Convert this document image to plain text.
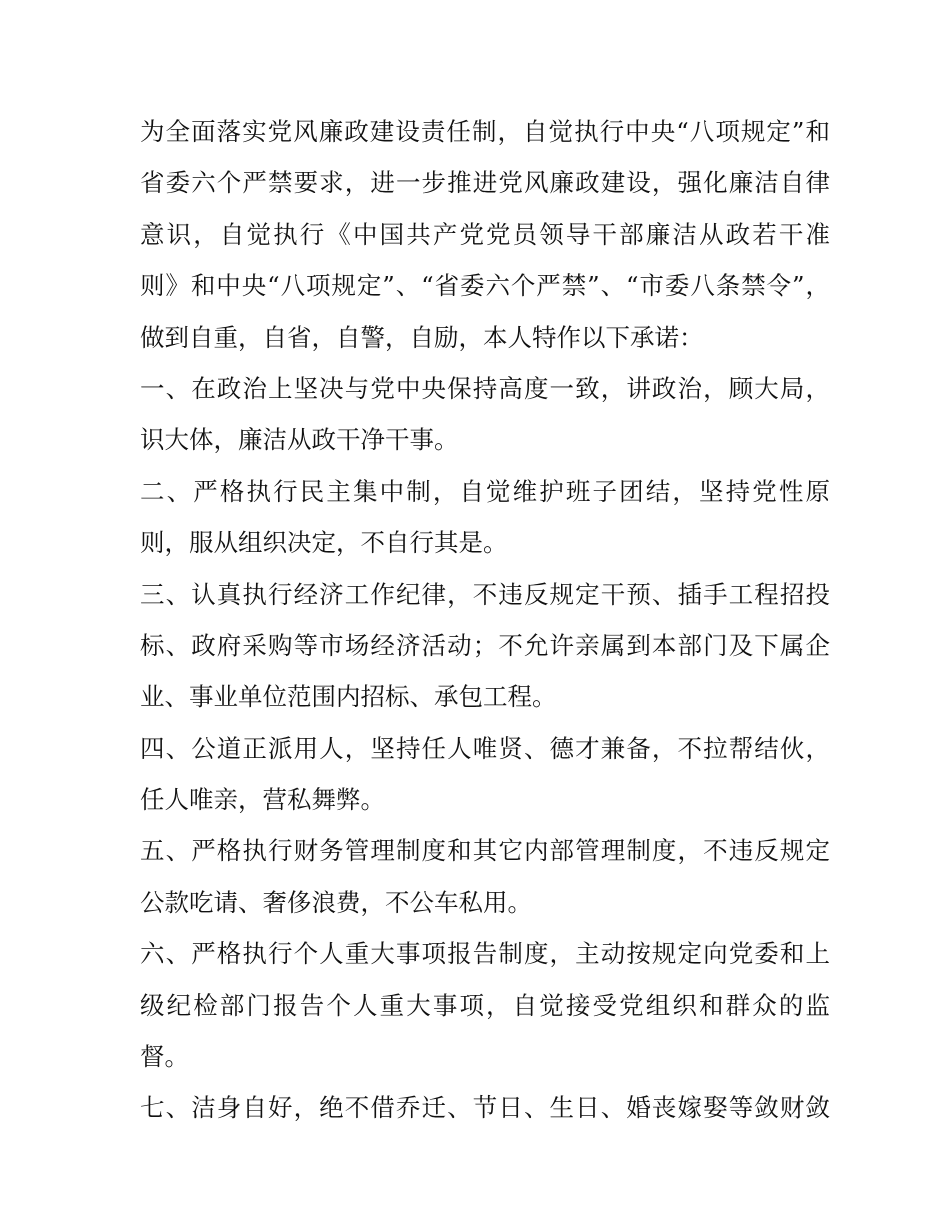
为全面落实党风廉政建设责任制，自觉执行中央“八项规定”和
省委六个严禁要求，进一步推进党风廉政建设，强化廉洁自律
意识，自觉执行《中国共产党党员领导干部廉洁从政若干准
则》和中央“八项规定”、“省委六个严禁”、“市委八条禁令”，
做到自重，自省，自警，自励，本人特作以下承诺：
一、在政治上坚决与党中央保持高度一致，讲政治，顾大局，
识大体，廉洁从政干净干事。
二、严格执行民主集中制，自觉维护班子团结，坚持党性原
则，服从组织决定，不自行其是。
三、认真执行经济工作纪律，不违反规定干预、插手工程招投
标、政府采购等市场经济活动；不允许亲属到本部门及下属企
业、事业单位范围内招标、承包工程。
四、公道正派用人，坚持任人唯贤、德才兼备，不拉帮结伙，
任人唯亲，营私舞弊。
五、严格执行财务管理制度和其它内部管理制度，不违反规定
公款吃请、奢侈浪费，不公车私用。
六、严格执行个人重大事项报告制度，主动按规定向党委和上
级纪检部门报告个人重大事项，自觉接受党组织和群众的监
督。
七、洁身自好，绝不借乔迁、节日、生日、婚丧嫁娶等敛财敛
